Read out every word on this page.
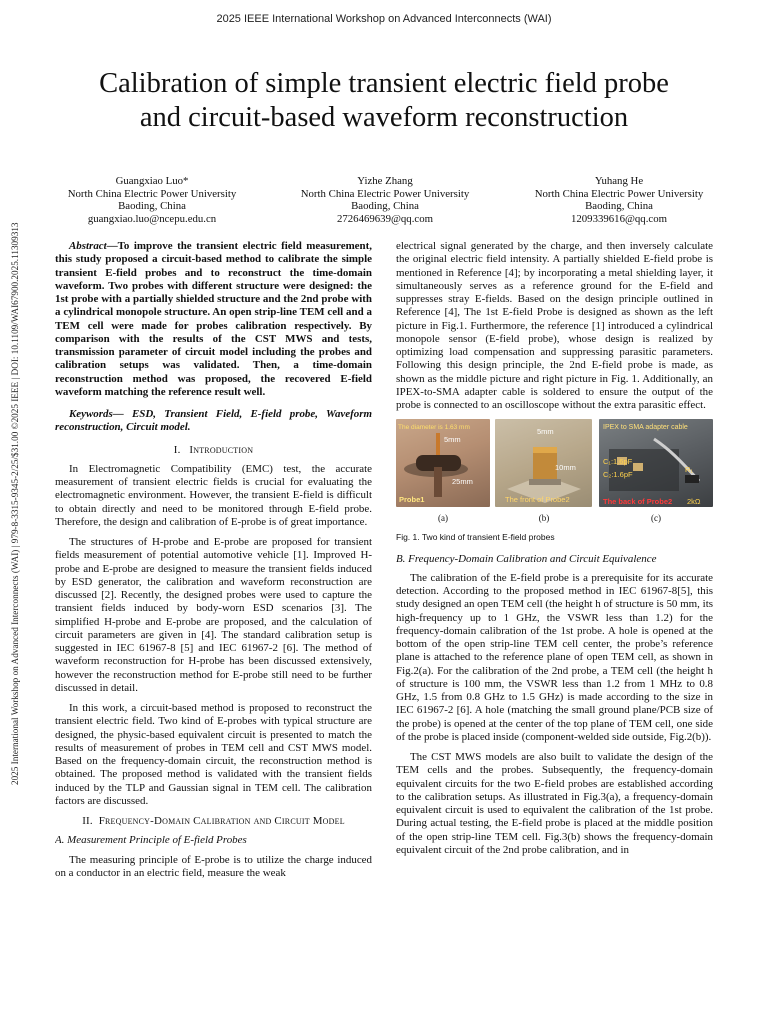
2025 IEEE International Workshop on Advanced Interconnects (WAI)
Calibration of simple transient electric field probe
and circuit-based waveform reconstruction
Guangxiao Luo*
North China Electric Power University
Baoding, China
guangxiao.luo@ncepu.edu.cn
Yizhe Zhang
North China Electric Power University
Baoding, China
2726469639@qq.com
Yuhang He
North China Electric Power University
Baoding, China
1209339616@qq.com
2025 International Workshop on Advanced Interconnects (WAI) | 979-8-3315-9345-2/25/$31.00 ©2025 IEEE | DOI: 10.1109/WAI67900.2025.11309313	Abstract—To improve the transient electric field measurement, this study proposed a circuit-based method to calibrate the simple transient E-field probes and to reconstruct the time-domain waveform. Two probes with different structure were designed: the 1st probe with a partially shielded structure and the 2nd probe with a cylindrical monopole structure. An open strip-line TEM cell and a TEM cell were made for probes calibration respectively. By comparison with the results of the CST MWS and tests, transmission parameter of circuit model including the probes and calibration setups was validated. Then, a time-domain reconstruction method was proposed, the recovered E-field waveform matching the reference result well.

Keywords— ESD, Transient Field, E-field probe, Waveform reconstruction, Circuit model.

I. Introduction

In Electromagnetic Compatibility (EMC) test, the accurate measurement of transient electric fields is crucial for evaluating the electromagnetic environment. However, the transient E-field is difficult to obtain directly and need to be monitored through E-field probe. Therefore, the design and calibration of E-probe is of great importance.

The structures of H-probe and E-probe are proposed for transient fields measurement of potential automotive vehicle [1]. Improved H-probe and E-probe are designed to measure the transient fields induced by ESD generator, the calibration and waveform reconstruction are discussed [2]. Recently, the designed probes were used to capture the transient fields induced by body-worn ESD scenarios [3]. The simplified H-probe and E-probe are proposed, and the calculation of circuit parameters are given in [4]. The standard calibration setup is suggested in IEC 61967-8 [5] and IEC 61967-2 [6]. The method of waveform reconstruction for H-probe has been discussed extensively, however the reconstruction method for E-probe still need to be further discussed in detail.

In this work, a circuit-based method is proposed to reconstruct the transient electric field. Two kind of E-probes with typical structure are designed, the physic-based equivalent circuit is presented to match the results of measurement of probes in TEM cell and CST MWS model. Based on the frequency-domain circuit, the reconstruction method is obtained. The proposed method is validated with the transient fields induced by the TLP and Gaussian signal in TEM cell. The calibration factors are discussed.

II. Frequency-Domain Calibration and Circuit Model

A. Measurement Principle of E-field Probes

The measuring principle of E-probe is to utilize the charge induced on a conductor in an electric field, measure the weak

electrical signal generated by the charge, and then inversely calculate the original electric field intensity. A partially shielded E-field probe is mentioned in Reference [4]; by incorporating a metal shielding layer, it simultaneously serves as a reference ground for the E-field and suppresses stray E-fields. Based on the design principle outlined in Reference [4], The 1st E-field Probe is designed as shown as the left picture in Fig.1. Furthermore, the reference [1] introduced a cylindrical monopole sensor (E-field probe), whose design is realized by optimizing load compensation and suppressing parasitic parameters. Following this design principle, the 2nd E-field probe is made, as shown as the middle picture and right picture in Fig. 1. Additionally, an IPEX-to-SMA adapter cable is soldered to ensure the output of the probe is connected to an oscilloscope without the extra parasitic effect.

The diameter is 1.63 mm
5mm
25mm
Probe1
5mm
10mm
The front of Probe2
IPEX to SMA adapter cable
C₁:1.6pF
C₂:1.6pF
R₁
2kΩ
The back of Probe2
(a)	(b)	(c)

Fig. 1. Two kind of transient E-field probes

B. Frequency-Domain Calibration and Circuit Equivalence

The calibration of the E-field probe is a prerequisite for its accurate detection. According to the proposed method in IEC 61967-8[5], this study designed an open TEM cell (the height h of structure is 50 mm, its high-frequency up to 1 GHz, the VSWR less than 1.2) for the frequency-domain calibration of the 1st probe. A hole is opened at the bottom of the open strip-line TEM cell center, the probe’s reference plane is attached to the reference plane of open TEM cell, as shown in Fig.2(a). For the calibration of the 2nd probe, a TEM cell (the height h of structure is 100 mm, the VSWR less than 1.2 from 1 MHz to 0.8 GHz, 1.5 from 0.8 GHz to 1.5 GHz) is made according to the size in IEC 61967-2 [6]. A hole (matching the small ground plane/PCB size of the probe) is opened at the center of the top plane of TEM cell, one side of the probe is placed inside (component-welded side outside, Fig.2(b)).

The CST MWS models are also built to validate the design of the TEM cells and the probes. Subsequently, the frequency-domain equivalent circuits for the two E-field probes are established according to the calibration setups. As illustrated in Fig.3(a), a frequency-domain equivalent circuit is used to equivalent the calibration of the 1st probe. During actual testing, the E-field probe is placed at the middle position of the open strip-line TEM cell. Fig.3(b) shows the frequency-domain equivalent circuit of the 2nd probe calibration, and in
